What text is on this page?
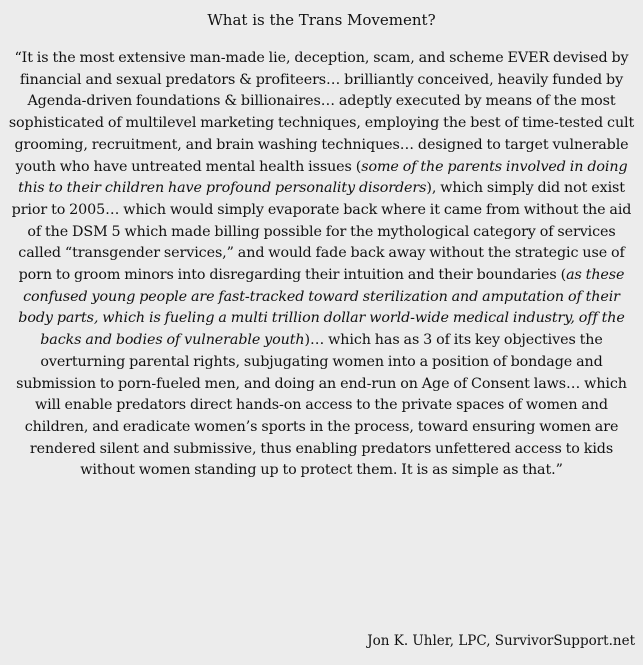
What is the Trans Movement?

“It is the most extensive man-made lie, deception, scam, and scheme EVER devised by financial and sexual predators & profiteers… brilliantly conceived, heavily funded by Agenda-driven foundations & billionaires… adeptly executed by means of the most sophisticated of multilevel marketing techniques, employing the best of time-tested cult grooming, recruitment, and brain washing techniques… designed to target vulnerable youth who have untreated mental health issues (some of the parents involved in doing this to their children have profound personality disorders), which simply did not exist prior to 2005… which would simply evaporate back where it came from without the aid of the DSM 5 which made billing possible for the mythological category of services called “transgender services,” and would fade back away without the strategic use of porn to groom minors into disregarding their intuition and their boundaries (as these confused young people are fast-tracked toward sterilization and amputation of their body parts, which is fueling a multi trillion dollar world-wide medical industry, off the backs and bodies of vulnerable youth)… which has as 3 of its key objectives the overturning parental rights, subjugating women into a position of bondage and submission to porn-fueled men, and doing an end-run on Age of Consent laws… which will enable predators direct hands-on access to the private spaces of women and children, and eradicate women’s sports in the process, toward ensuring women are rendered silent and submissive, thus enabling predators unfettered access to kids without women standing up to protect them. It is as simple as that.”

Jon K. Uhler, LPC, SurvivorSupport.net
